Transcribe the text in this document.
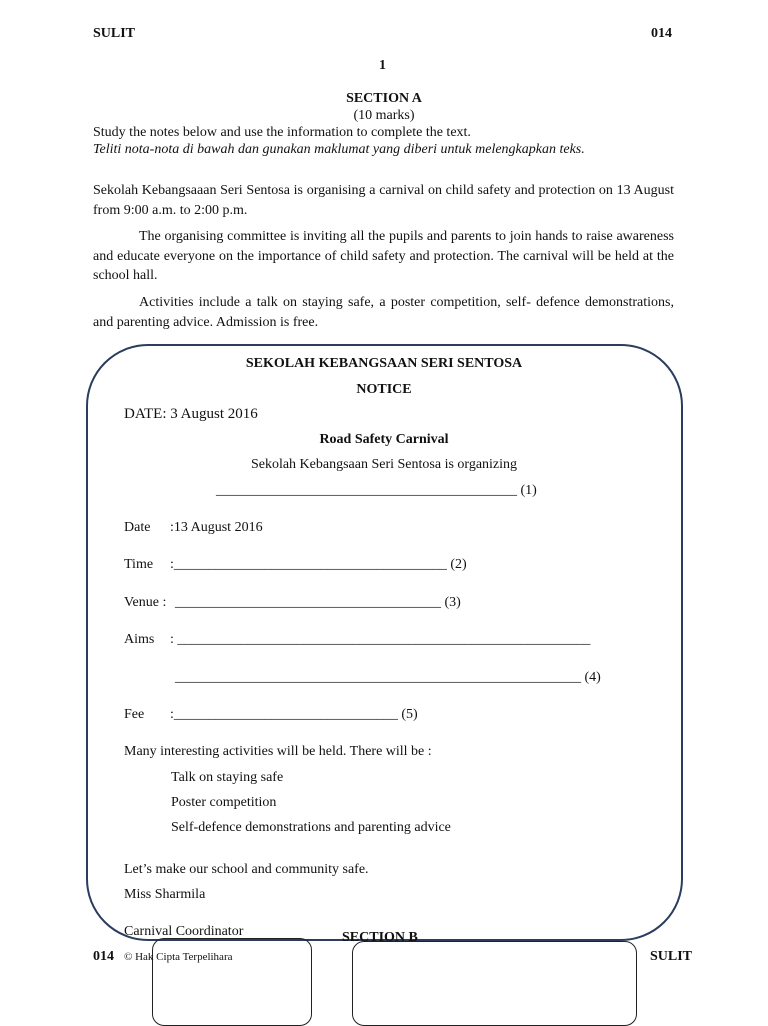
SULIT	014
1
SECTION A
(10 marks)
Study the notes below and use the information to complete the text.
Teliti nota-nota di bawah dan gunakan maklumat yang diberi untuk melengkapkan teks.

Sekolah Kebangsaaan Seri Sentosa is organising a carnival on child safety and protection on 13 August from 9:00 a.m. to 2:00 p.m.

The organising committee is inviting all the pupils and parents to join hands to raise awareness and educate everyone on the importance of child safety and protection. The carnival will be held at the school hall.

Activities include a talk on staying safe, a poster competition, self- defence demonstrations, and parenting advice. Admission is free.

SEKOLAH KEBANGSAAN SERI SENTOSA
NOTICE
DATE: 3 August 2016
Road Safety Carnival
Sekolah Kebangsaan Seri Sentosa is organizing
___________________________________________ (1)
Date :13 August 2016
Time :_______________________________________ (2)
Venue : ______________________________________ (3)
Aims : ___________________________________________________________
__________________________________________________________ (4)
Fee :________________________________ (5)
Many interesting activities will be held. There will be :
Talk on staying safe
Poster competition
Self-defence demonstrations and parenting advice
Let’s make our school and community safe.
Miss Sharmila
Carnival Coordinator	SECTION B
014 © Hak Cipta Terpelihara	SULIT
